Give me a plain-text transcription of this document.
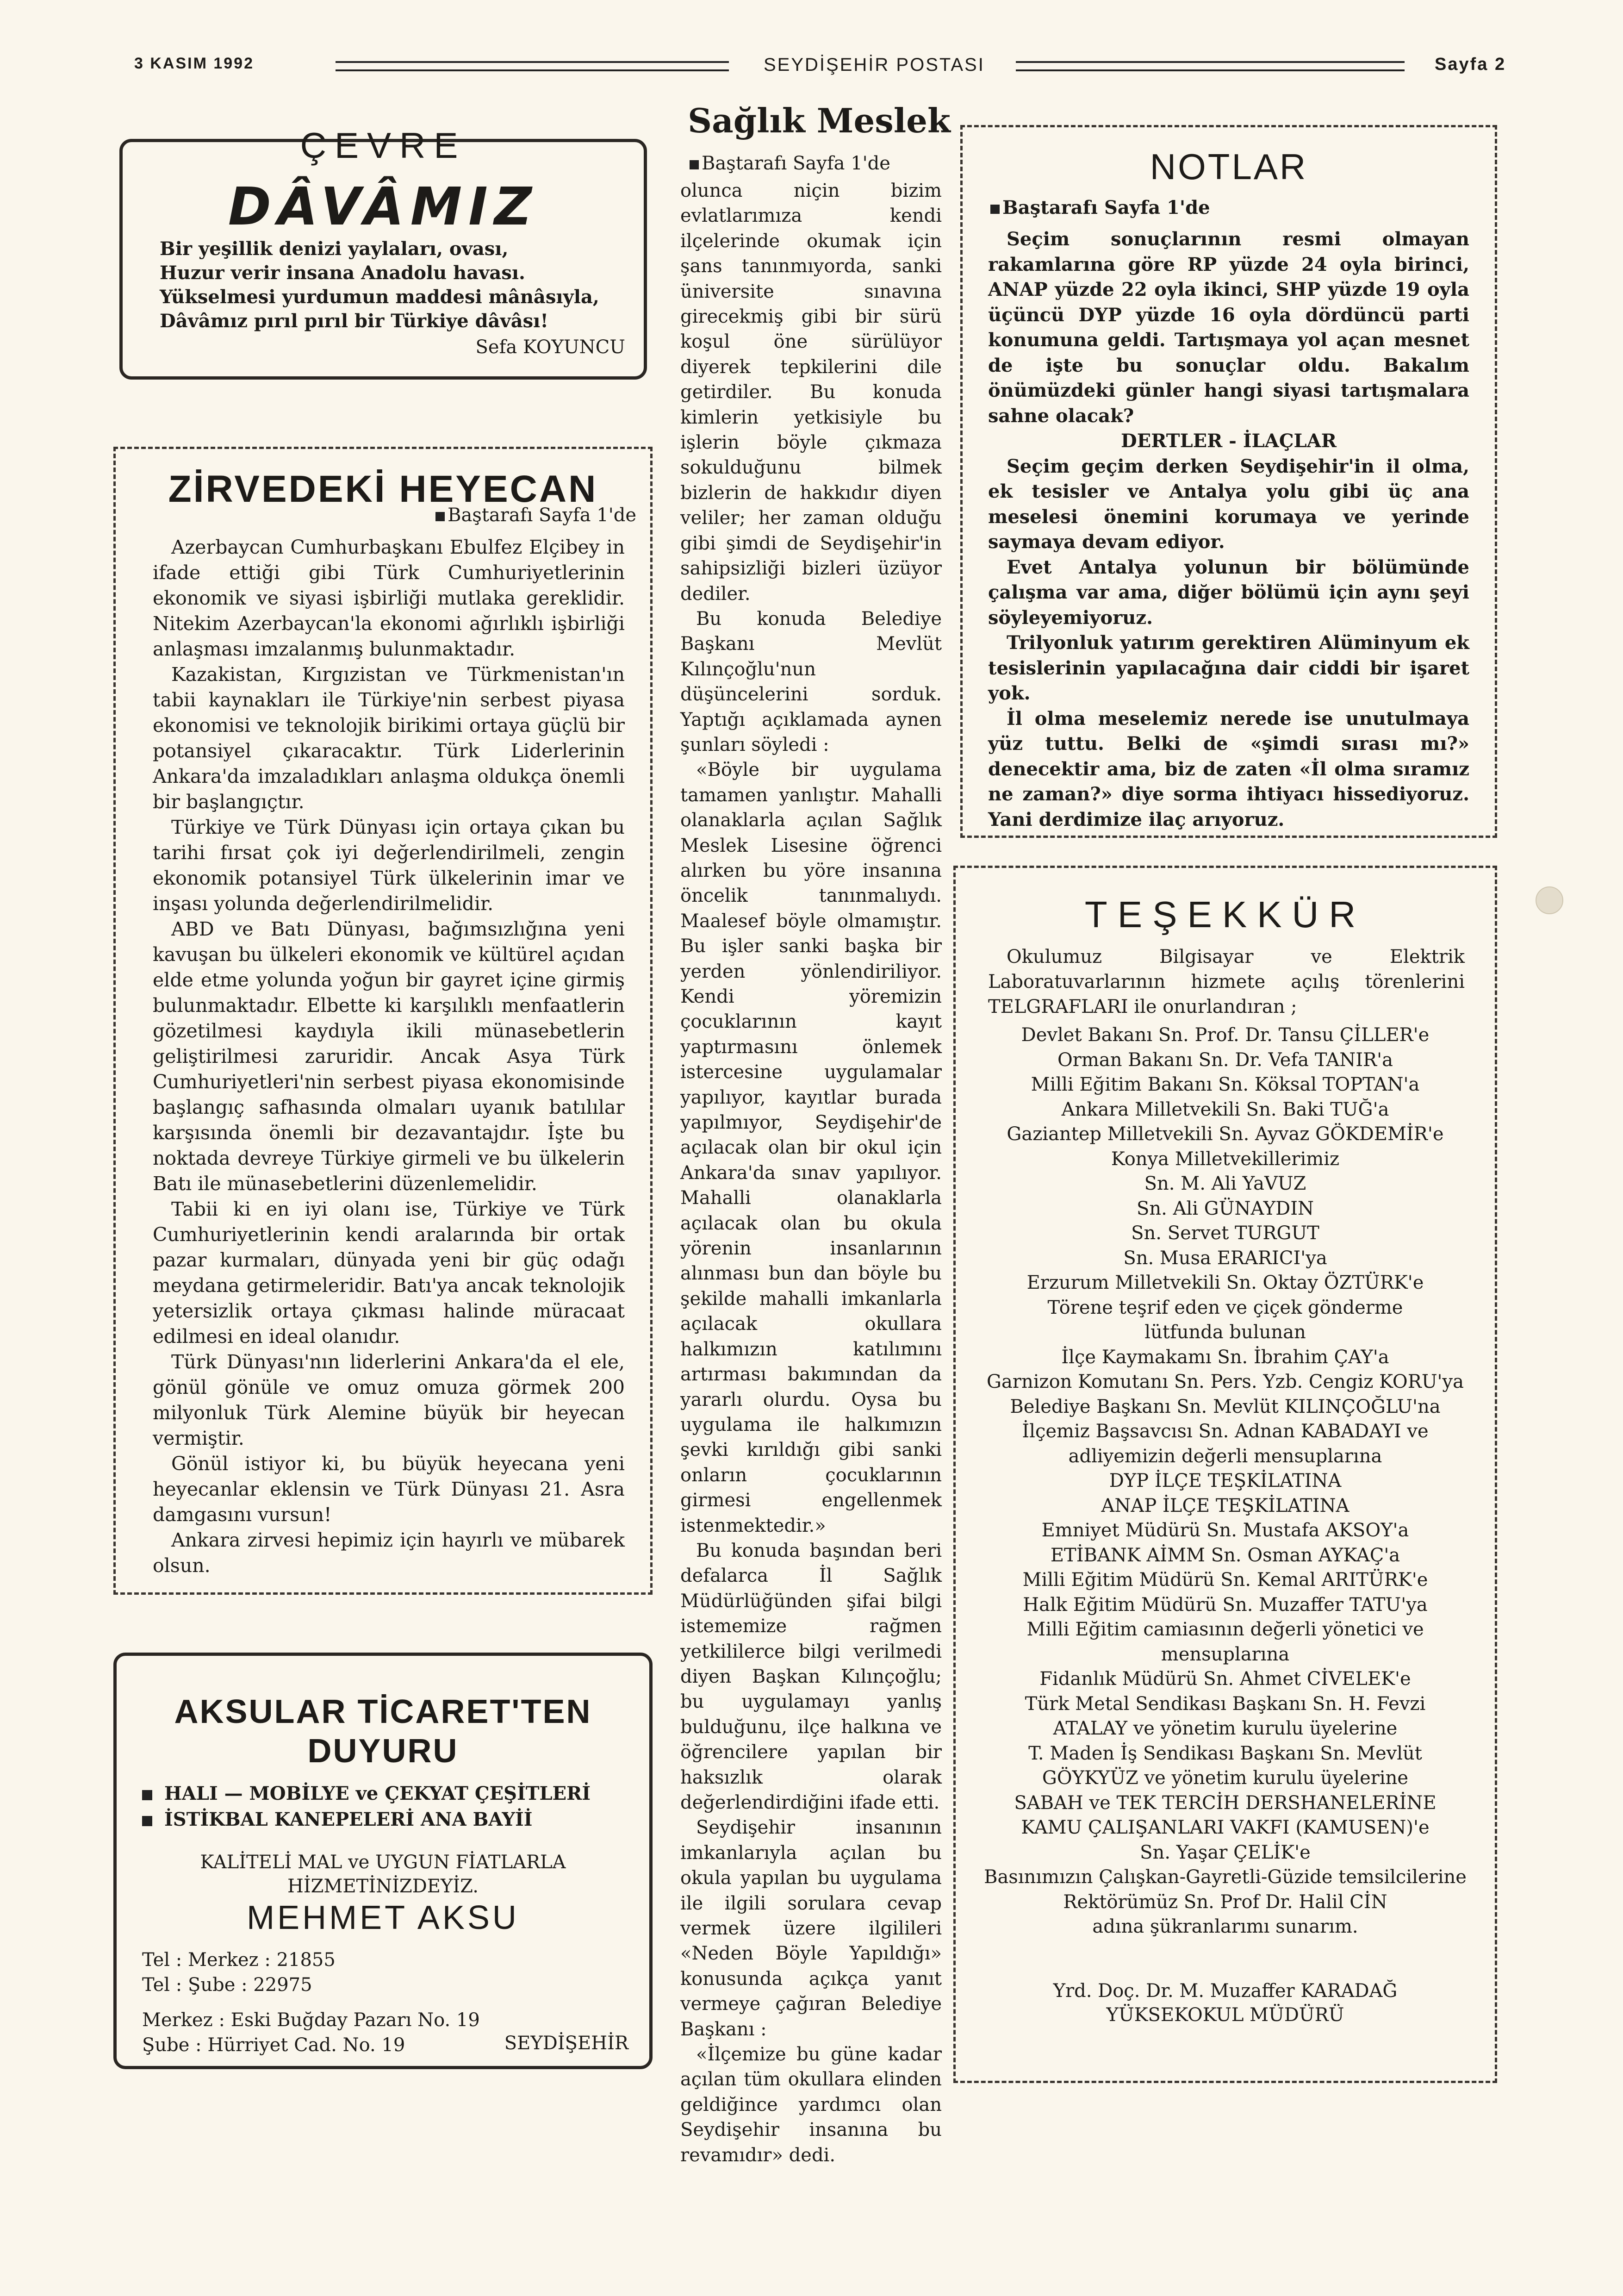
3 KASIM 1992	SEYDİŞEHİR POSTASI	Sayfa 2
ÇEVRE
DÂVÂMIZ
Bir yeşillik denizi yaylaları, ovası,
Huzur verir insana Anadolu havası.
Yükselmesi yurdumun maddesi mânâsıyla,
Dâvâmız pırıl pırıl bir Türkiye dâvâsı!
Sefa KOYUNCU
ZİRVEDEKİ HEYECAN
Baştarafı Sayfa 1'de

Azerbaycan Cumhurbaşkanı Ebulfez Elçibey in ifade ettiği gibi Türk Cumhuriyetlerinin ekonomik ve siyasi işbirliği mutlaka gereklidir. Nitekim Azerbaycan'la ekonomi ağırlıklı işbirliği anlaşması imzalanmış bulunmaktadır.

Kazakistan, Kırgızistan ve Türkmenistan'ın tabii kaynakları ile Türkiye'nin serbest piyasa ekonomisi ve teknolojik birikimi ortaya güçlü bir potansiyel çıkaracaktır. Türk Liderlerinin Ankara'da imzaladıkları anlaşma oldukça önemli bir başlangıçtır.

Türkiye ve Türk Dünyası için ortaya çıkan bu tarihi fırsat çok iyi değerlendirilmeli, zengin ekonomik potansiyel Türk ülkelerinin imar ve inşası yolunda değerlendirilmelidir.

ABD ve Batı Dünyası, bağımsızlığına yeni kavuşan bu ülkeleri ekonomik ve kültürel açıdan elde etme yolunda yoğun bir gayret içine girmiş bulunmaktadır. Elbette ki karşılıklı menfaatlerin gözetilmesi kaydıyla ikili münasebetlerin geliştirilmesi zaruridir. Ancak Asya Türk Cumhuriyetleri'nin serbest piyasa ekonomisinde başlangıç safhasında olmaları uyanık batılılar karşısında önemli bir dezavantajdır. İşte bu noktada devreye Türkiye girmeli ve bu ülkelerin Batı ile münasebetlerini düzenlemelidir.

Tabii ki en iyi olanı ise, Türkiye ve Türk Cumhuriyetlerinin kendi aralarında bir ortak pazar kurmaları, dünyada yeni bir güç odağı meydana getirmeleridir. Batı'ya ancak teknolojik yetersizlik ortaya çıkması halinde müracaat edilmesi en ideal olanıdır.

Türk Dünyası'nın liderlerini Ankara'da el ele, gönül gönüle ve omuz omuza görmek 200 milyonluk Türk Alemine büyük bir heyecan vermiştir.

Gönül istiyor ki, bu büyük heyecana yeni heyecanlar eklensin ve Türk Dünyası 21. Asra damgasını vursun!

Ankara zirvesi hepimiz için hayırlı ve mübarek olsun.

AKSULAR TİCARET'TEN
DUYURU
HALI — MOBİLYE ve ÇEKYAT ÇEŞİTLERİ
İSTİKBAL KANEPELERİ ANA BAYİİ
KALİTELİ MAL ve UYGUN FİATLARLA
HİZMETİNİZDEYİZ.
MEHMET AKSU
Tel : Merkez : 21855
Tel : Şube : 22975
Merkez : Eski Buğday Pazarı No. 19
Şube : Hürriyet Cad. No. 19	SEYDİŞEHİR
Sağlık Meslek
Baştarafı Sayfa 1'de

olunca niçin bizim evlatlarımıza kendi ilçelerinde okumak için şans tanınmıyorda, sanki üniversite sınavına girecekmiş gibi bir sürü koşul öne sürülüyor diyerek tepkilerini dile getirdiler. Bu konuda kimlerin yetkisiyle bu işlerin böyle çıkmaza sokulduğunu bilmek bizlerin de hakkıdır diyen veliler; her zaman olduğu gibi şimdi de Seydişehir'in sahipsizliği bizleri üzüyor dediler.

Bu konuda Belediye Başkanı Mevlüt Kılınçoğlu'nun düşüncelerini sorduk. Yaptığı açıklamada aynen şunları söyledi :

«Böyle bir uygulama tamamen yanlıştır. Mahalli olanaklarla açılan Sağlık Meslek Lisesine öğrenci alırken bu yöre insanına öncelik tanınmalıydı. Maalesef böyle olmamıştır. Bu işler sanki başka bir yerden yönlendiriliyor. Kendi yöremizin çocuklarının kayıt yaptırmasını önlemek istercesine uygulamalar yapılıyor, kayıtlar burada yapılmıyor, Seydişehir'de açılacak olan bir okul için Ankara'da sınav yapılıyor. Mahalli olanaklarla açılacak olan bu okula yörenin insanlarının alınması bun dan böyle bu şekilde mahalli imkanlarla açılacak okullara halkımızın katılımını artırması bakımından da yararlı olurdu. Oysa bu uygulama ile halkımızın şevki kırıldığı gibi sanki onların çocuklarının girmesi engellenmek istenmektedir.»

Bu konuda başından beri defalarca İl Sağlık Müdürlüğünden şifai bilgi istememize rağmen yetkililerce bilgi verilmedi diyen Başkan Kılınçoğlu; bu uygulamayı yanlış bulduğunu, ilçe halkına ve öğrencilere yapılan bir haksızlık olarak değerlendirdiğini ifade etti.

Seydişehir insanının imkanlarıyla açılan bu okula yapılan bu uygulama ile ilgili sorulara cevap vermek üzere ilgilileri «Neden Böyle Yapıldığı» konusunda açıkça yanıt vermeye çağıran Belediye Başkanı :

«İlçemize bu güne kadar açılan tüm okullara elinden geldiğince yardımcı olan Seydişehir insanına bu revamıdır» dedi.

NOTLAR
Baştarafı Sayfa 1'de

Seçim sonuçlarının resmi olmayan rakamlarına göre RP yüzde 24 oyla birinci, ANAP yüzde 22 oyla ikinci, SHP yüzde 19 oyla üçüncü DYP yüzde 16 oyla dördüncü parti konumuna geldi. Tartışmaya yol açan mesnet de işte bu sonuçlar oldu. Bakalım önümüzdeki günler hangi siyasi tartışmalara sahne olacak?

DERTLER - İLAÇLAR

Seçim geçim derken Seydişehir'in il olma, ek tesisler ve Antalya yolu gibi üç ana meselesi önemini korumaya ve yerinde saymaya devam ediyor.

Evet Antalya yolunun bir bölümünde çalışma var ama, diğer bölümü için aynı şeyi söyleyemiyoruz.

Trilyonluk yatırım gerektiren Alüminyum ek tesislerinin yapılacağına dair ciddi bir işaret yok.

İl olma meselemiz nerede ise unutulmaya yüz tuttu. Belki de «şimdi sırası mı?» denecektir ama, biz de zaten «İl olma sıramız ne zaman?» diye sorma ihtiyacı hissediyoruz. Yani derdimize ilaç arıyoruz.

TEŞEKKÜR
Okulumuz Bilgisayar ve Elektrik Laboratuvarlarının hizmete açılış törenlerini TELGRAFLARI ile onurlandıran ;
Devlet Bakanı Sn. Prof. Dr. Tansu ÇİLLER'e
Orman Bakanı Sn. Dr. Vefa TANIR'a
Milli Eğitim Bakanı Sn. Köksal TOPTAN'a
Ankara Milletvekili Sn. Baki TUĞ'a
Gaziantep Milletvekili Sn. Ayvaz GÖKDEMİR'e
Konya Milletvekillerimiz
Sn. M. Ali YaVUZ
Sn. Ali GÜNAYDIN
Sn. Servet TURGUT
Sn. Musa ERARICI'ya
Erzurum Milletvekili Sn. Oktay ÖZTÜRK'e
Törene teşrif eden ve çiçek gönderme
lütfunda bulunan
İlçe Kaymakamı Sn. İbrahim ÇAY'a
Garnizon Komutanı Sn. Pers. Yzb. Cengiz KORU'ya
Belediye Başkanı Sn. Mevlüt KILINÇOĞLU'na
İlçemiz Başsavcısı Sn. Adnan KABADAYI ve
adliyemizin değerli mensuplarına
DYP İLÇE TEŞKİLATINA
ANAP İLÇE TEŞKİLATINA
Emniyet Müdürü Sn. Mustafa AKSOY'a
ETİBANK AİMM Sn. Osman AYKAÇ'a
Milli Eğitim Müdürü Sn. Kemal ARITÜRK'e
Halk Eğitim Müdürü Sn. Muzaffer TATU'ya
Milli Eğitim camiasının değerli yönetici ve
mensuplarına
Fidanlık Müdürü Sn. Ahmet CİVELEK'e
Türk Metal Sendikası Başkanı Sn. H. Fevzi
ATALAY ve yönetim kurulu üyelerine
T. Maden İş Sendikası Başkanı Sn. Mevlüt
GÖYKYÜZ ve yönetim kurulu üyelerine
SABAH ve TEK TERCİH DERSHANELERİNE
KAMU ÇALIŞANLARI VAKFI (KAMUSEN)'e
Sn. Yaşar ÇELİK'e
Basınımızın Çalışkan-Gayretli-Güzide temsilcilerine
Rektörümüz Sn. Prof Dr. Halil CİN
adına şükranlarımı sunarım.
Yrd. Doç. Dr. M. Muzaffer KARADAĞ
YÜKSEKOKUL MÜDÜRÜ
